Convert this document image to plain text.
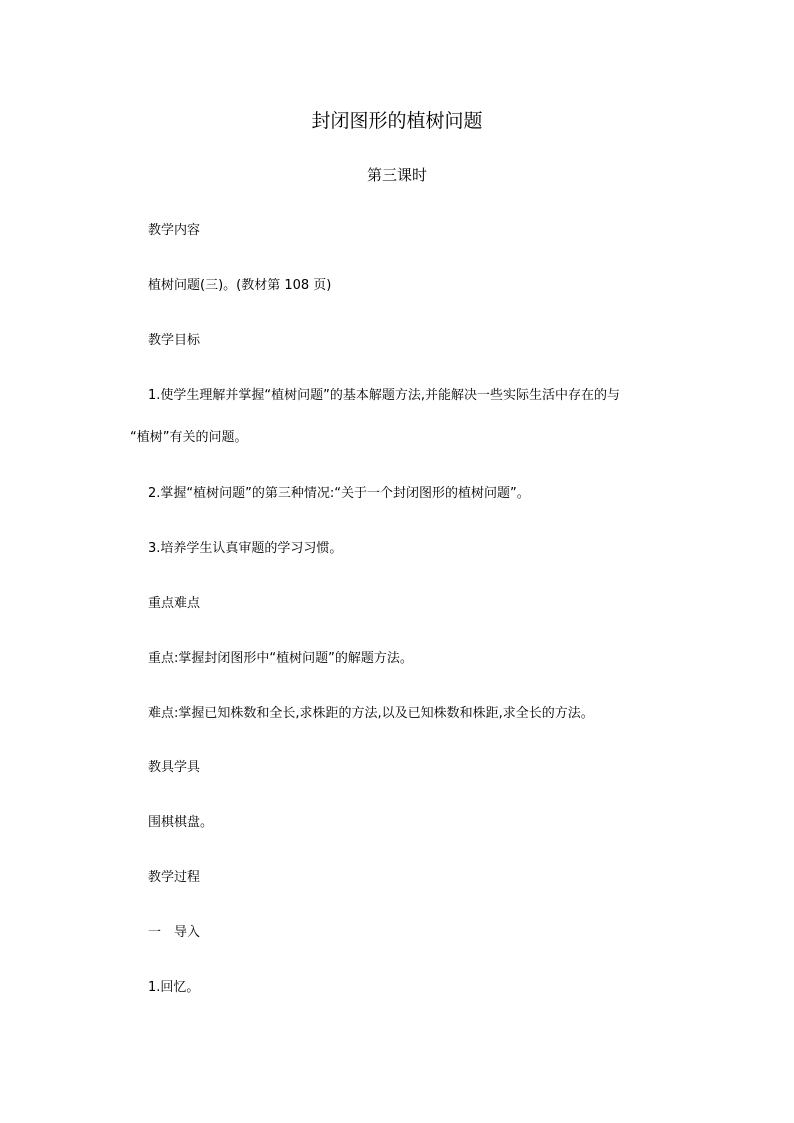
封闭图形的植树问题
第三课时
教学内容
植树问题(三)。(教材第 108 页)
教学目标
1.使学生理解并掌握“植树问题”的基本解题方法,并能解决一些实际生活中存在的与
“植树”有关的问题。
2.掌握“植树问题”的第三种情况:“关于一个封闭图形的植树问题”。
3.培养学生认真审题的学习习惯。
重点难点
重点:掌握封闭图形中“植树问题”的解题方法。
难点:掌握已知株数和全长,求株距的方法,以及已知株数和株距,求全长的方法。
教具学具
围棋棋盘。
教学过程
一　导入
1.回忆。
